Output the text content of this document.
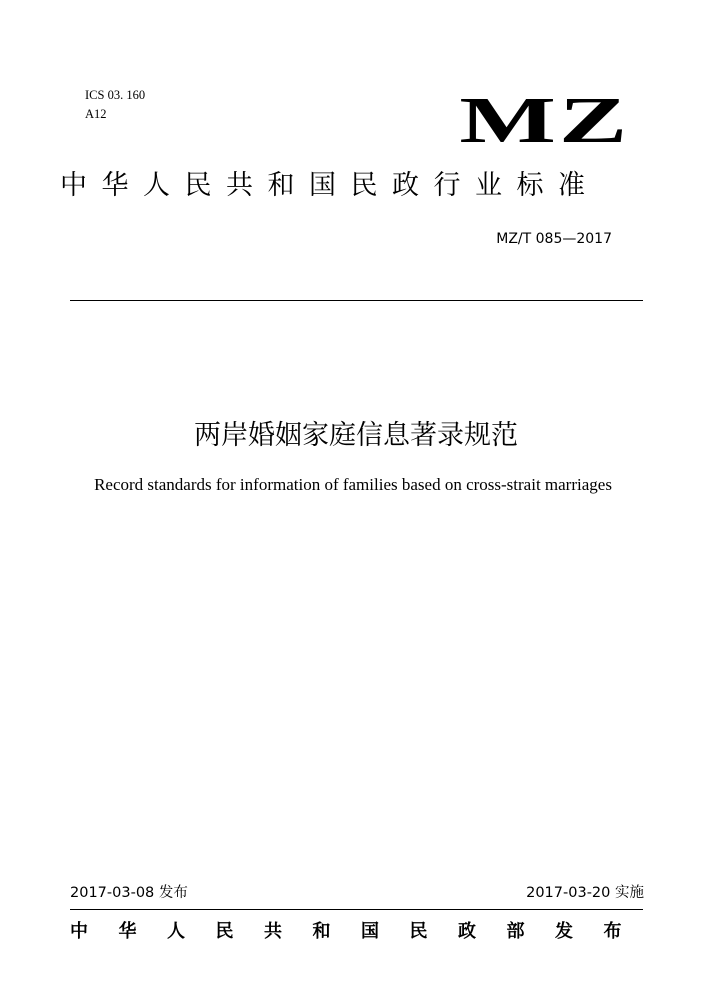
ICS 03. 160
A12	MZ
中华人民共和国民政行业标准
MZ/T 085—2017
两岸婚姻家庭信息著录规范
Record standards for information of families based on cross-strait marriages
2017-03-08 发布	2017-03-20 实施
中华人民共和国民政部发布
